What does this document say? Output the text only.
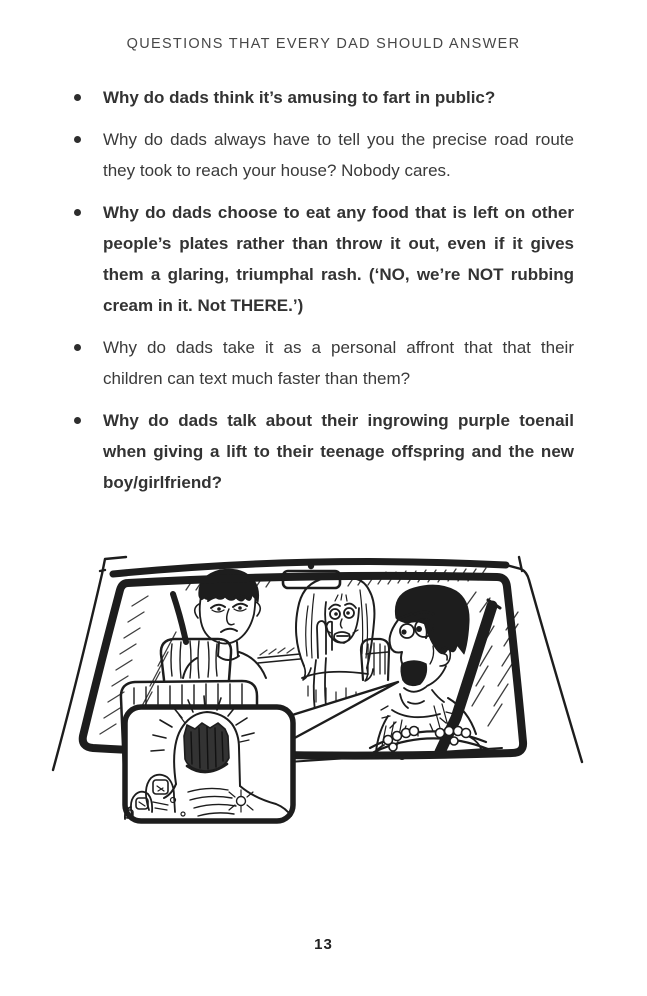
QUESTIONS THAT EVERY DAD SHOULD ANSWER
Why do dads think it’s amusing to fart in public?
Why do dads always have to tell you the precise road route they took to reach your house? Nobody cares.
Why do dads choose to eat any food that is left on other people’s plates rather than throw it out, even if it gives them a glaring, triumphal rash. (‘NO, we’re NOT rubbing cream in it. Not THERE.’)
Why do dads take it as a personal affront that that their children can text much faster than them?
Why do dads talk about their ingrowing purple toenail when giving a lift to their teenage offspring and the new boy/girlfriend?
13
